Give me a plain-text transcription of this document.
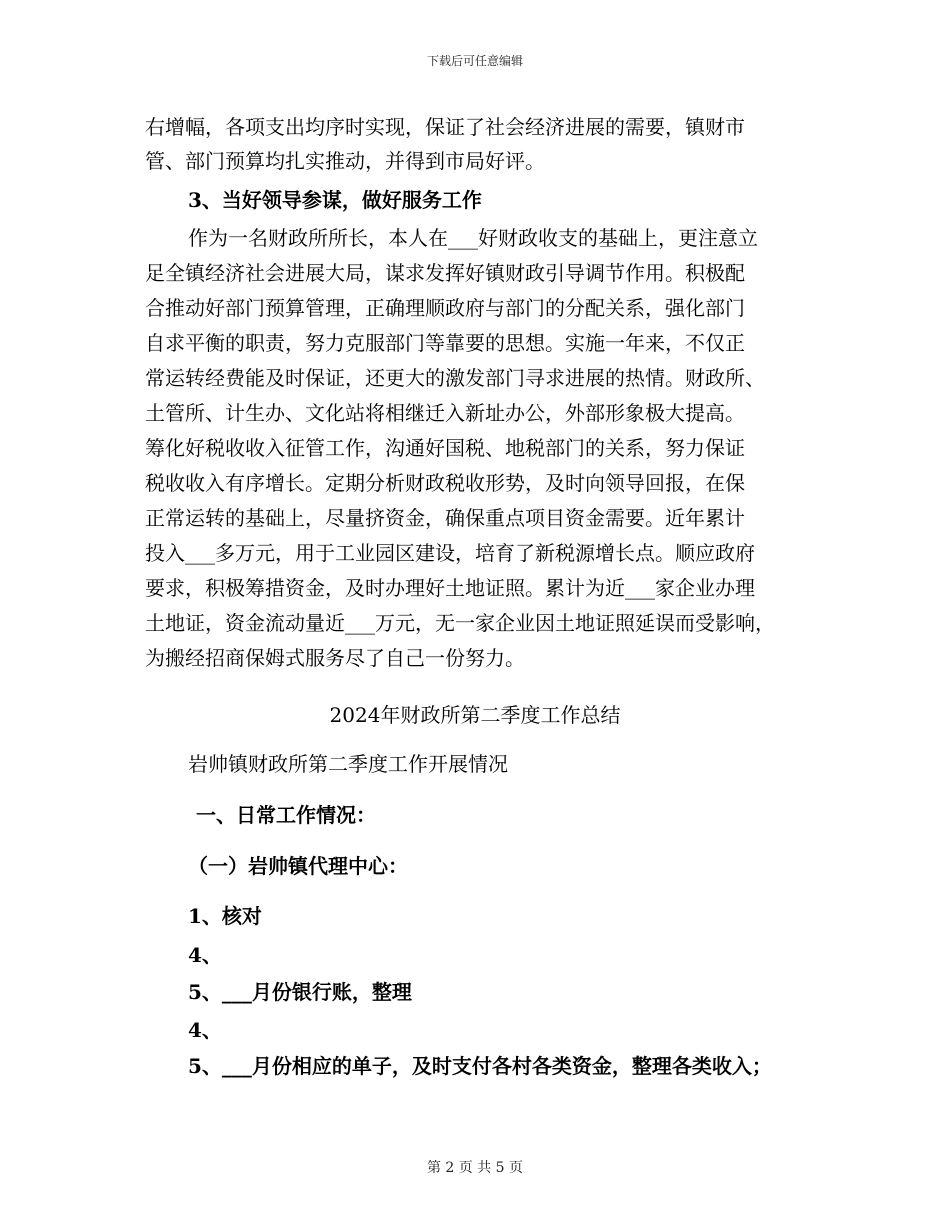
下载后可任意编辑
右增幅，各项支出均序时实现，保证了社会经济进展的需要，镇财市
管、部门预算均扎实推动，并得到市局好评。
3、当好领导参谋，做好服务工作
作为一名财政所所长，本人在___好财政收支的基础上，更注意立
足全镇经济社会进展大局，谋求发挥好镇财政引导调节作用。积极配
合推动好部门预算管理，正确理顺政府与部门的分配关系，强化部门
自求平衡的职责，努力克服部门等靠要的思想。实施一年来，不仅正
常运转经费能及时保证，还更大的激发部门寻求进展的热情。财政所、
土管所、计生办、文化站将相继迁入新址办公，外部形象极大提高。
筹化好税收收入征管工作，沟通好国税、地税部门的关系，努力保证
税收收入有序增长。定期分析财政税收形势，及时向领导回报，在保
正常运转的基础上，尽量挤资金，确保重点项目资金需要。近年累计
投入___多万元，用于工业园区建设，培育了新税源增长点。顺应政府
要求，积极筹措资金，及时办理好土地证照。累计为近___家企业办理
土地证，资金流动量近___万元，无一家企业因土地证照延误而受影响，
为搬经招商保姆式服务尽了自己一份努力。
2024年财政所第二季度工作总结
岩帅镇财政所第二季度工作开展情况
一、日常工作情况：
（一）岩帅镇代理中心：
1、核对
4、
5、___月份银行账，整理
4、
5、___月份相应的单子，及时支付各村各类资金，整理各类收入；
第 2 页 共 5 页
